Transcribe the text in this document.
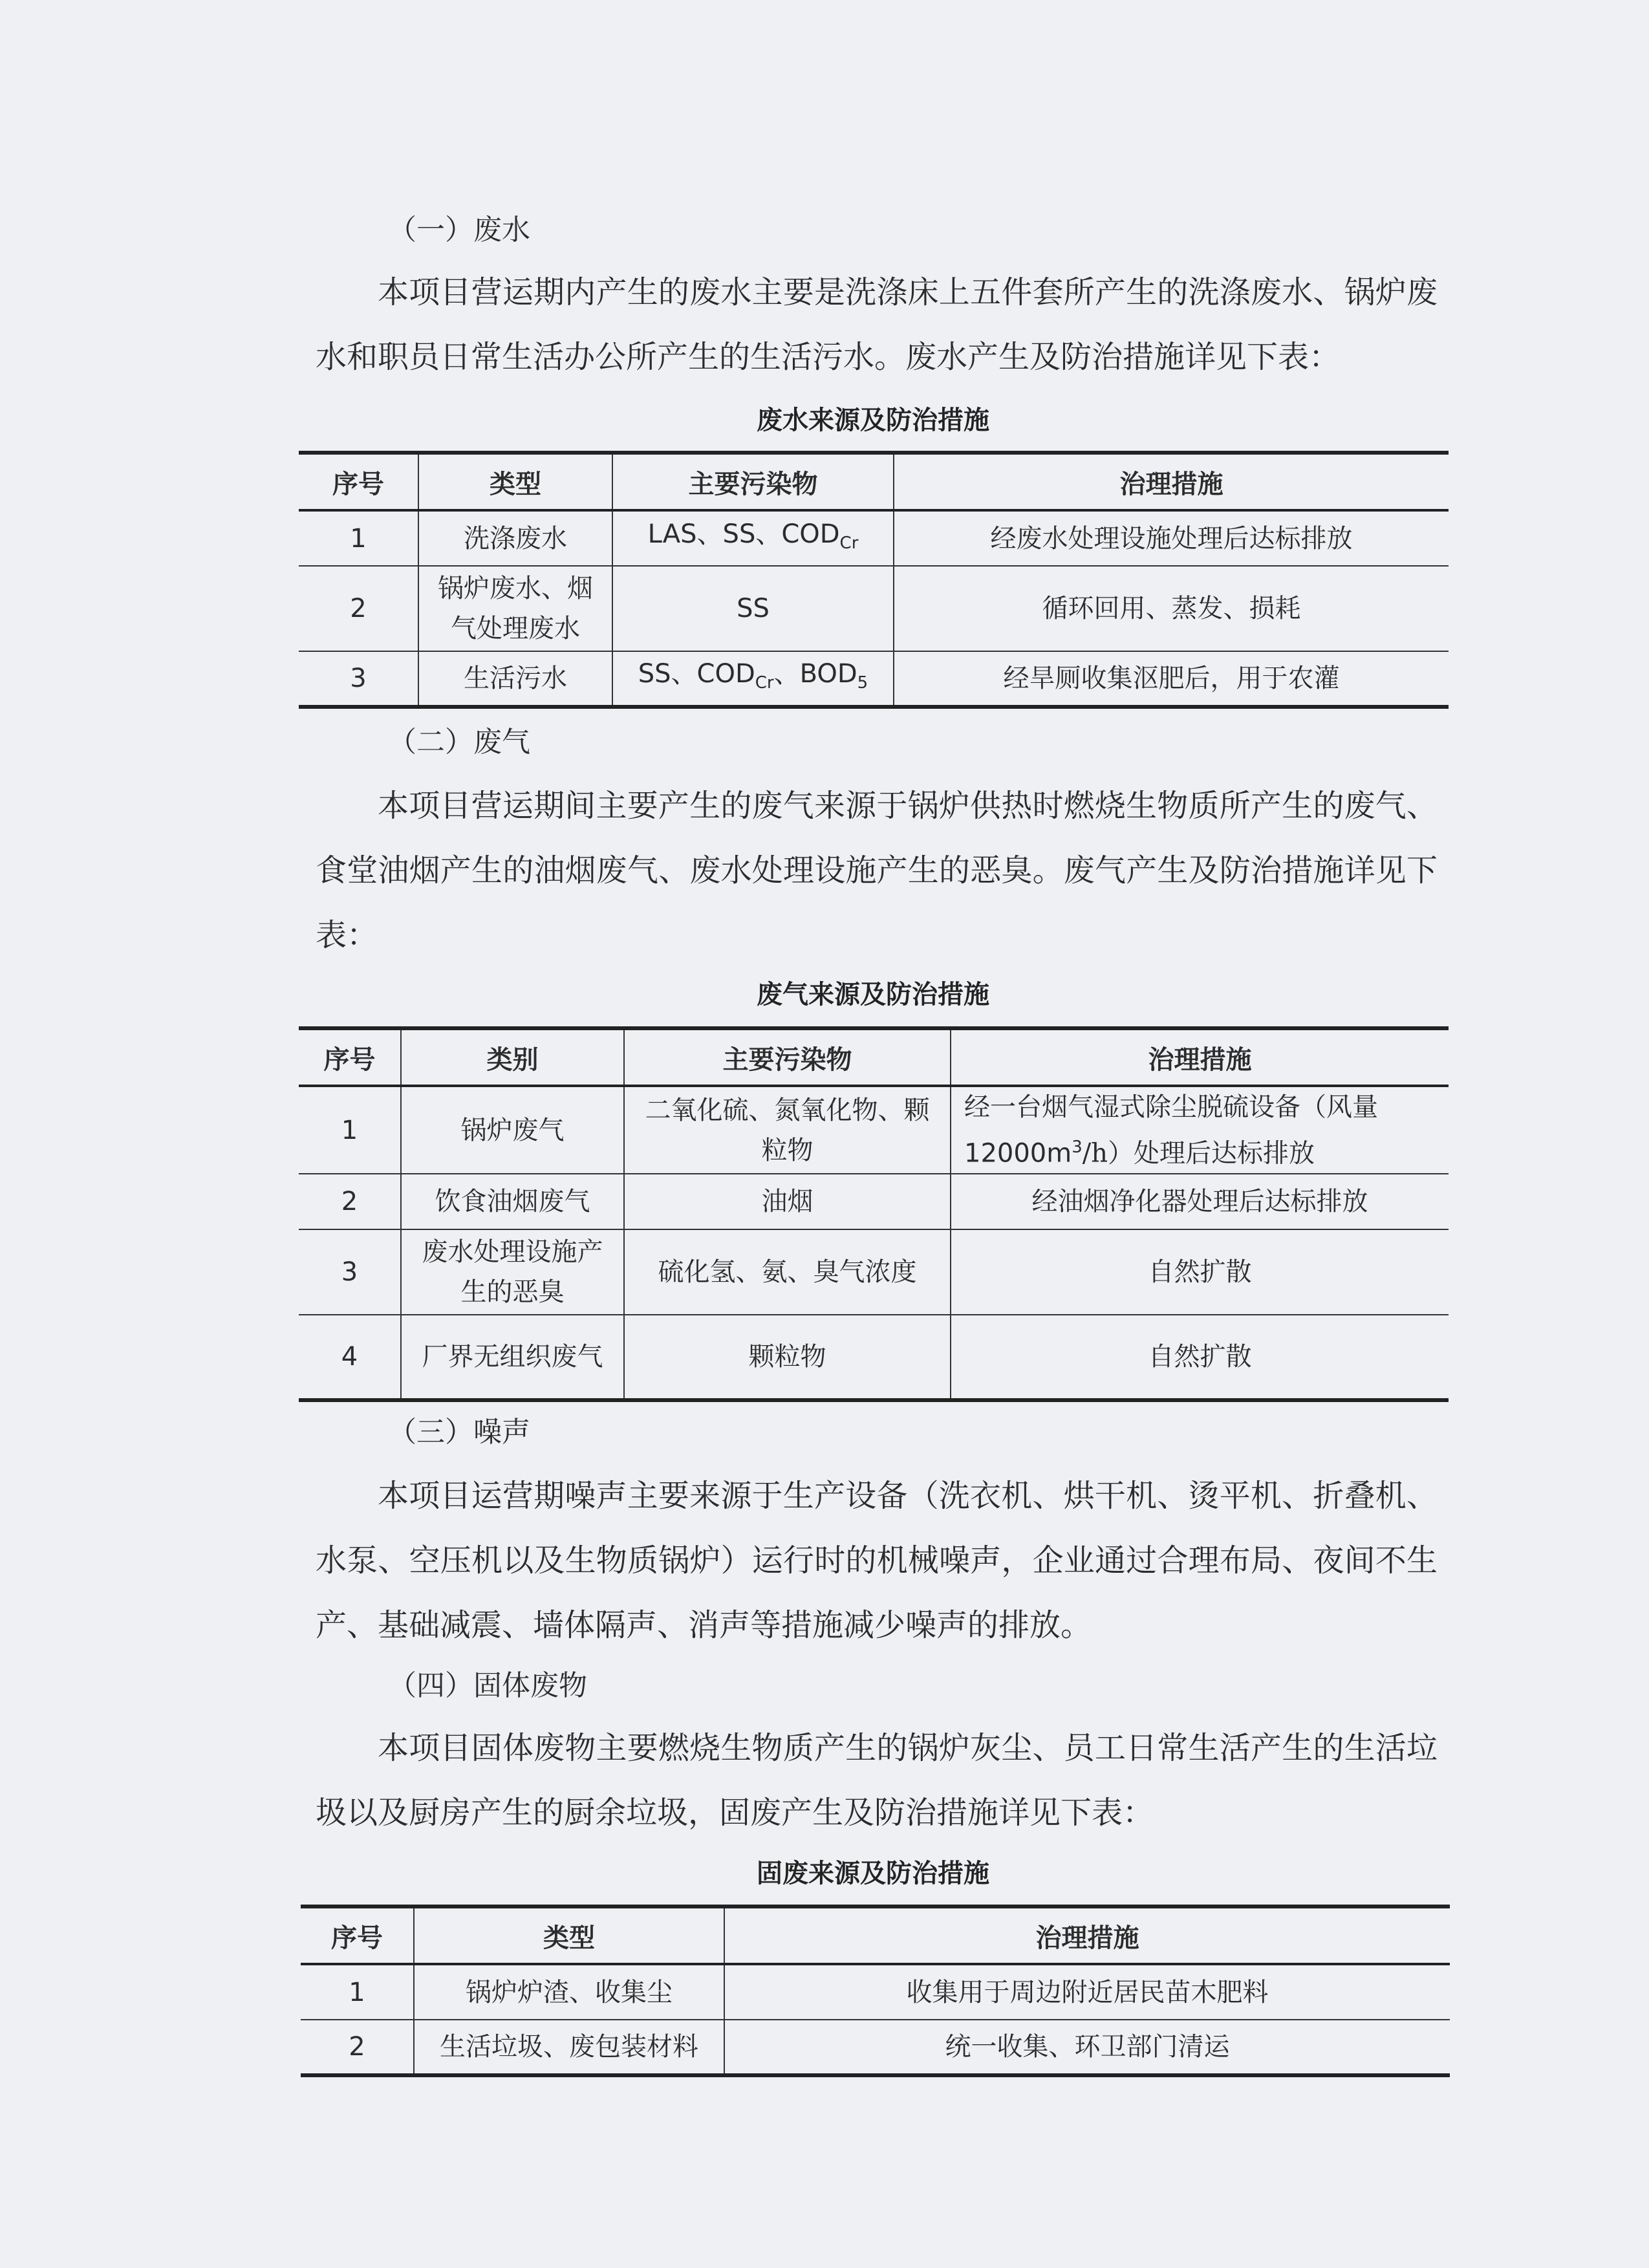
（一）废水
本项目营运期内产生的废水主要是洗涤床上五件套所产生的洗涤废水、锅炉废水和职员日常生活办公所产生的生活污水。废水产生及防治措施详见下表：
废水来源及防治措施
序号	类型	主要污染物	治理措施
1	洗涤废水	LAS、SS、$COD_{Cr}$	经废水处理设施处理后达标排放
2	锅炉废水、烟气处理废水	SS	循环回用、蒸发、损耗
3	生活污水	SS、$COD_{Cr}$、$BOD_5$	经旱厕收集沤肥后，用于农灌
（二）废气
本项目营运期间主要产生的废气来源于锅炉供热时燃烧生物质所产生的废气、食堂油烟产生的油烟废气、废水处理设施产生的恶臭。废气产生及防治措施详见下表：
废气来源及防治措施
序号	类别	主要污染物	治理措施
1	锅炉废气	二氧化硫、氮氧化物、颗粒物	经一台烟气湿式除尘脱硫设备（风量
$12000m^3/h$）处理后达标排放
2	饮食油烟废气	油烟	经油烟净化器处理后达标排放
3	废水处理设施产生的恶臭	硫化氢、氨、臭气浓度	自然扩散
4	厂界无组织废气	颗粒物	自然扩散
（三）噪声
本项目运营期噪声主要来源于生产设备（洗衣机、烘干机、烫平机、折叠机、水泵、空压机以及生物质锅炉）运行时的机械噪声，企业通过合理布局、夜间不生产、基础减震、墙体隔声、消声等措施减少噪声的排放。
（四）固体废物
本项目固体废物主要燃烧生物质产生的锅炉灰尘、员工日常生活产生的生活垃圾以及厨房产生的厨余垃圾，固废产生及防治措施详见下表：
固废来源及防治措施
序号	类型	治理措施
1	锅炉炉渣、收集尘	收集用于周边附近居民苗木肥料
2	生活垃圾、废包装材料	统一收集、环卫部门清运
